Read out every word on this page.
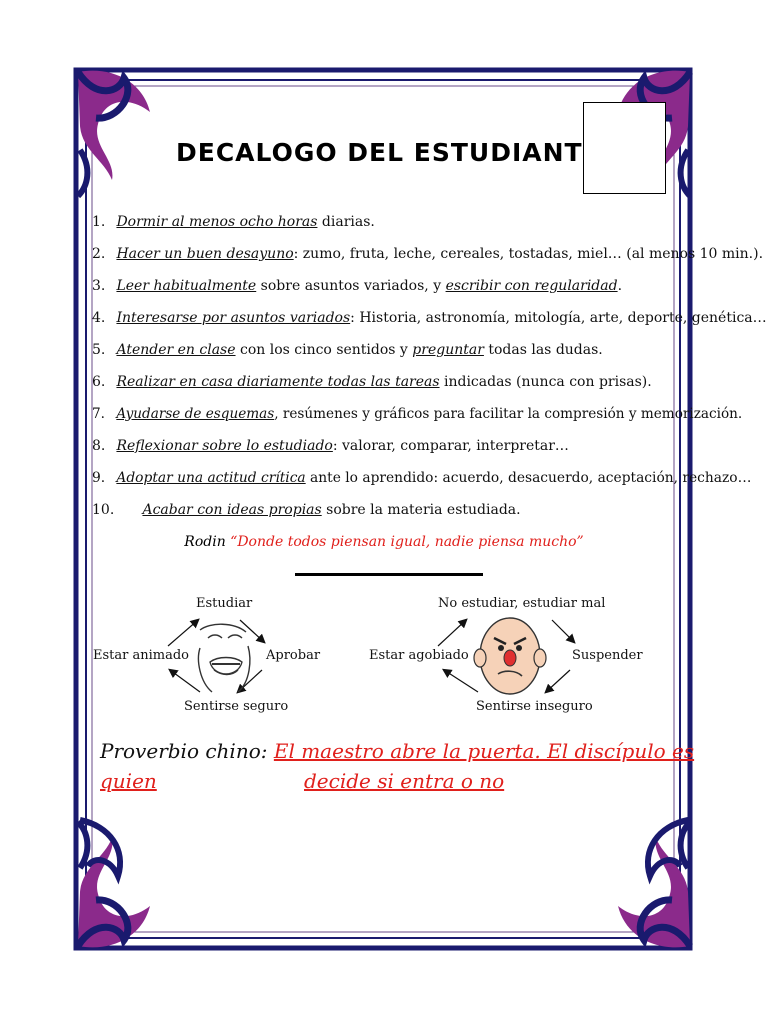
DECALOGO DEL ESTUDIANT
1. Dormir al menos ocho horas diarias.
2. Hacer un buen desayuno: zumo, fruta, leche, cereales, tostadas, miel… (al menos 10 min.).
3. Leer habitualmente sobre asuntos variados, y escribir con regularidad.
4. Interesarse por asuntos variados: Historia, astronomía, mitología, arte, deporte, genética…
5. Atender en clase con los cinco sentidos y preguntar todas las dudas.
6. Realizar en casa diariamente todas las tareas indicadas (nunca con prisas).
7. Ayudarse de esquemas, resúmenes y gráficos para facilitar la compresión y memorización.
8. Reflexionar sobre lo estudiado: valorar, comparar, interpretar…
9. Adoptar una actitud crítica ante lo aprendido: acuerdo, desacuerdo, aceptación, rechazo…
10. Acabar con ideas propias sobre la materia estudiada.
Rodin “Donde todos piensan igual, nadie piensa mucho”
Estudiar
Estar animado	Aprobar
Sentirse seguro
No estudiar, estudiar mal
Estar agobiado	Suspender
Sentirse inseguro
Proverbio chino: El maestro abre la puerta. El discípulo es quien	decide si entra o no
